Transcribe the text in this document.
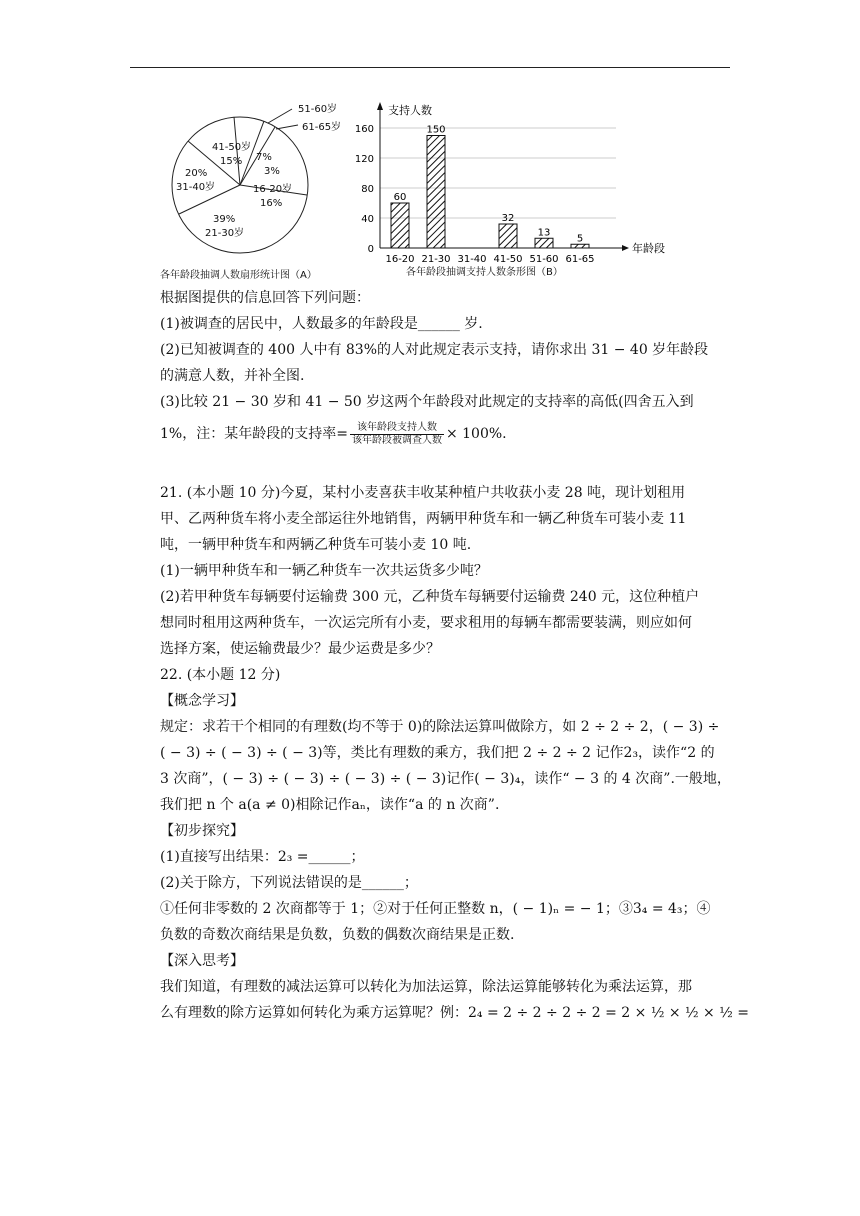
41-50岁
15%
51-60岁
7%
61-65岁
3%
16-20岁
16%
20%
31-40岁
39%
21-30岁
各年龄段抽调人数扇形统计图（A）
0
40
80
120
160
支持人数
年龄段
60
16-20
150
21-30 31-40
32
41-50
13
51-60
5
61-65
各年龄段抽调支持人数条形图（B）
根据图提供的信息回答下列问题：
(1)被调查的居民中，人数最多的年龄段是______ 岁.
(2)已知被调查的 400 人中有 83%的人对此规定表示支持，请你求出 31 − 40 岁年龄段
的满意人数，并补全图.
(3)比较 21 − 30 岁和 41 − 50 岁这两个年龄段对此规定的支持率的高低(四舍五入到
1%，注：某年龄段的支持率= $\frac{\text{该年龄段支持人数}}{\text{该年龄段被调查人数}} \times 100\%$.
21. (本小题 10 分)今夏，某村小麦喜获丰收某种植户共收获小麦 28 吨，现计划租用
甲、乙两种货车将小麦全部运往外地销售，两辆甲种货车和一辆乙种货车可装小麦 11
吨，一辆甲种货车和两辆乙种货车可装小麦 10 吨.
(1)一辆甲种货车和一辆乙种货车一次共运货多少吨？
(2)若甲种货车每辆要付运输费 300 元，乙种货车每辆要付运输费 240 元，这位种植户
想同时租用这两种货车，一次运完所有小麦，要求租用的每辆车都需要装满，则应如何
选择方案，使运输费最少？最少运费是多少？
22. (本小题 12 分)
【概念学习】
规定：求若干个相同的有理数(均不等于 0)的除法运算叫做除方，如 2 ÷ 2 ÷ 2，( − 3) ÷
( − 3) ÷ ( − 3) ÷ ( − 3)等，类比有理数的乘方，我们把 2 ÷ 2 ÷ 2 记作2₃，读作“2 的
3 次商”，( − 3) ÷ ( − 3) ÷ ( − 3) ÷ ( − 3)记作( − 3)₄，读作“ − 3 的 4 次商”.一般地，
我们把 n 个 a(a ≠ 0)相除记作aₙ，读作“a 的 n 次商”.
【初步探究】
(1)直接写出结果：2₃ =______；
(2)关于除方，下列说法错误的是______；
①任何非零数的 2 次商都等于 1；②对于任何正整数 n，( − 1)ₙ = − 1；③3₄ = 4₃；④
负数的奇数次商结果是负数，负数的偶数次商结果是正数.
【深入思考】
我们知道，有理数的减法运算可以转化为加法运算，除法运算能够转化为乘法运算，那
么有理数的除方运算如何转化为乘方运算呢？例：2₄ = 2 ÷ 2 ÷ 2 ÷ 2 = 2 × ½ × ½ × ½ =
